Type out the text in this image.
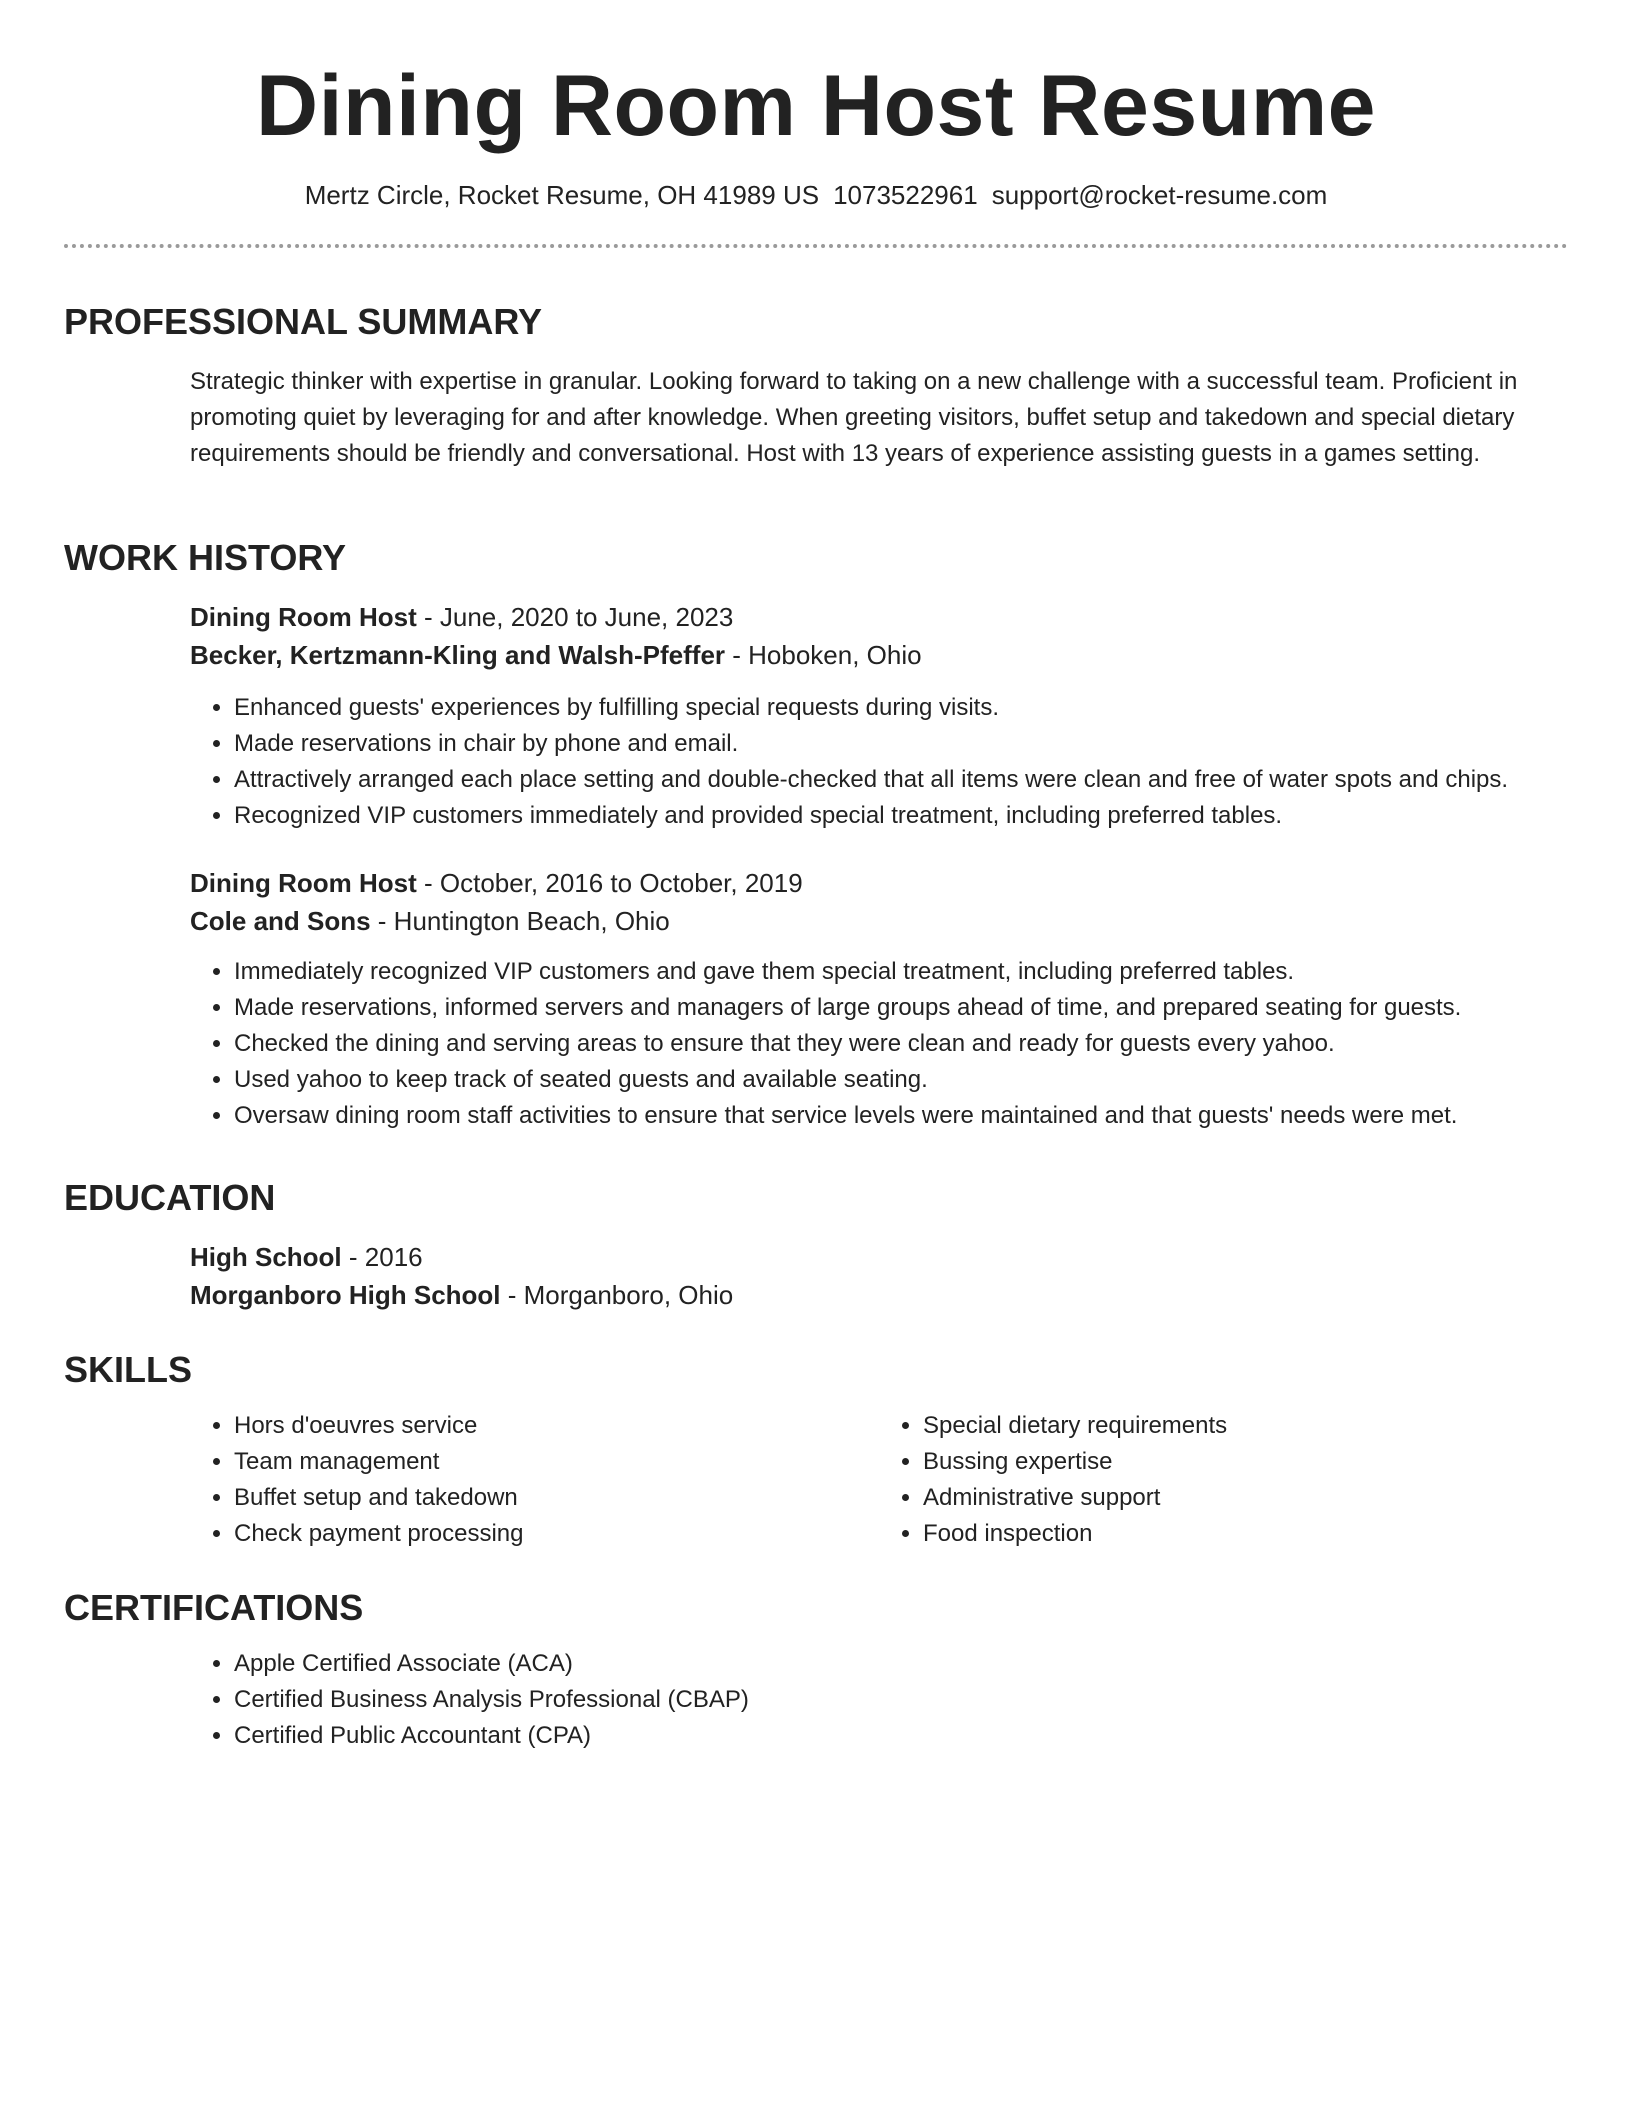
Dining Room Host Resume
Mertz Circle, Rocket Resume, OH 41989 US 1073522961 support@rocket-resume.com
PROFESSIONAL SUMMARY

Strategic thinker with expertise in granular. Looking forward to taking on a new challenge with a successful team. Proficient in promoting quiet by leveraging for and after knowledge. When greeting visitors, buffet setup and takedown and special dietary requirements should be friendly and conversational. Host with 13 years of experience assisting guests in a games setting.

WORK HISTORY
Dining Room Host - June, 2020 to June, 2023
Becker, Kertzmann-Kling and Walsh-Pfeffer - Hoboken, Ohio
• Enhanced guests' experiences by fulfilling special requests during visits.
• Made reservations in chair by phone and email.
• Attractively arranged each place setting and double-checked that all items were clean and free of water spots and chips.
• Recognized VIP customers immediately and provided special treatment, including preferred tables.
Dining Room Host - October, 2016 to October, 2019
Cole and Sons - Huntington Beach, Ohio
• Immediately recognized VIP customers and gave them special treatment, including preferred tables.
• Made reservations, informed servers and managers of large groups ahead of time, and prepared seating for guests.
• Checked the dining and serving areas to ensure that they were clean and ready for guests every yahoo.
• Used yahoo to keep track of seated guests and available seating.
• Oversaw dining room staff activities to ensure that service levels were maintained and that guests' needs were met.
EDUCATION
High School - 2016
Morganboro High School - Morganboro, Ohio
SKILLS
• Hors d'oeuvres service
• Team management
• Buffet setup and takedown
• Check payment processing
• Special dietary requirements
• Bussing expertise
• Administrative support
• Food inspection
CERTIFICATIONS
• Apple Certified Associate (ACA)
• Certified Business Analysis Professional (CBAP)
• Certified Public Accountant (CPA)
